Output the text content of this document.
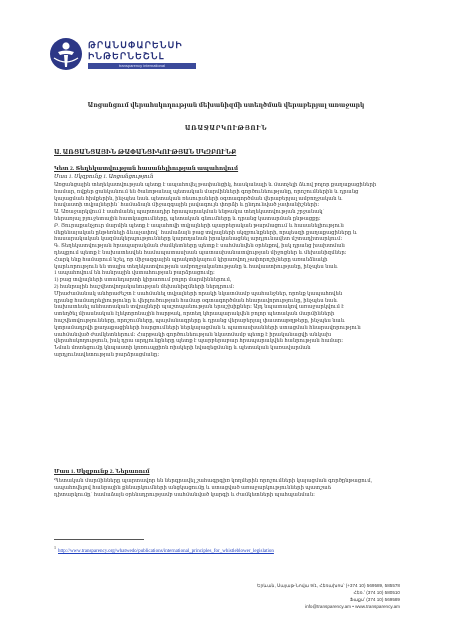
ԹՐԱՆՍՓԱՐԵՆՍԻ
ԻՆԹԵՐՆԵՇՆԼ
transparency international
Առցանցում վերահսկողության մեխանիզմի ստեղծման վերաբերյալ առաջարկ
ԱՌԱՋԱՐԿՈՒԹՅՈՒՆ
Ա. ԱՌՑԱՆՑԱՅԻՆ ԹԱՓԱՆՑԻԿՈՒԹՅԱՆ ՍԿԶԲՈՒՆՔ
Կետ 2. Տեղեկատվության հասանելիության ապահովում
Մաս 1. Սկզբունք 1. Առցանցություն
Առցանցային տեղեկատվության պետք է ապահովել թափանցիկ, հասկանալի և մատչելի ձևով բոլոր քաղաքացիների
համար, ովքեր ցանկանում են ծանոթանալ պետական մարմինների գործունեությանը, որոշումներին և դրանց
կայացման հիմքերին, ինչպես նաև պետական ռեսուրսների օգտագործման վերաբերյալ ամբողջական և
հավաստի տվյալներին՝ համաձայն միջազգային լավագույն փորձի և ընդունված չափանիշների։
Ա. Առաջարկվում է սահմանել պարտադիր հրապարակման ենթակա տեղեկատվության շրջանակ՝
ներառյալ բյուջետային հատկացումները, պետական գնումները և դրանց կատարման ընթացքը։
Բ. Յուրաքանչյուր մարմին պետք է ապահովի տվյալների պարբերական թարմացում և հասանելիություն
մեքենայական ընթեռնելի ձևաչափով՝ համաձայն բաց տվյալների սկզբունքների, որպեսզի քաղաքացիները և
հասարակական կազմակերպությունները կարողանան իրականացնել արդյունավետ մշտադիտարկում։
Գ. Տեղեկատվության հրապարակման ժամկետները պետք է սահմանվեն օրենքով, իսկ դրանց խախտման
դեպքում պետք է նախատեսվեն համապատասխան պատասխանատվության միջոցներ և մեխանիզմներ։
Հարկ ենք համարում նշել, որ միջազգային պրակտիկայում կիրառվող չափորոշիչները առանձնակի
կարևորություն են տալիս տեղեկատվության ամբողջականությանը և հավաստիությանը, ինչպես նաև
1 ապահովում են հանրային վստահության բարձրացումը։
1) բաց տվյալների ստանդարտի կիրառում բոլոր մարմիններում,
2) հանրային հաշվետվողականության մեխանիզմների ներդրում։
Միաժամանակ անհրաժեշտ է սահմանել տվյալների որակի նկատմամբ պահանջներ, որոնք կապահովեն
դրանց համադրելիությունը և վերլուծության համար օգտագործման հնարավորությունը, ինչպես նաև
նախատեսել անհատական տվյալների պաշտպանության երաշխիքներ։ Այդ նպատակով առաջարկվում է
ստեղծել միասնական էլեկտրոնային հարթակ, որտեղ կհրապարակվեն բոլոր պետական մարմինների
հաշվետվությունները, որոշումները, պայմանագրերը և դրանց վերաբերյալ փաստաթղթերը, ինչպես նաև
կտրամադրվի քաղաքացիների հարցումների ներկայացման և պատասխանների ստացման հնարավորություն
սահմանված ժամկետներում։ Հարթակի գործունեության նկատմամբ պետք է իրականացվի անկախ
վերահսկողություն, իսկ դրա արդյունքները պետք է պարբերաբար հրապարակվեն հանրության համար։
Նման մոտեցումը կնպաստի կոռուպցիոն ռիսկերի նվազեցմանը և պետական կառավարման
արդյունավետության բարձրացմանը։
Մաս 1. Սկզբունք 2. Ներառում
Պետական մարմինները պարտավոր են ներգրավել շահագրգիռ կողմերին որոշումների կայացման գործընթացում,
ապահովելով հանրային քննարկումների անցկացումը և ստացված առաջարկությունների պատշաճ
դիտարկումը՝ համաձայն օրենսդրությամբ սահմանված կարգի և ժամկետների պահպանման։
$^1$http://www.transparency.org/whatwedo/publications/international_principles_for_whistleblower_legislation
Երևան, Սայաթ-Նովա 9/1, Հեռախոս՝ (+374 10) 569589, 585578
Հեռ.՝ (374 10) 580510
Ֆաքս՝ (374 10) 569589
info@transparency.am • www.transparency.am
